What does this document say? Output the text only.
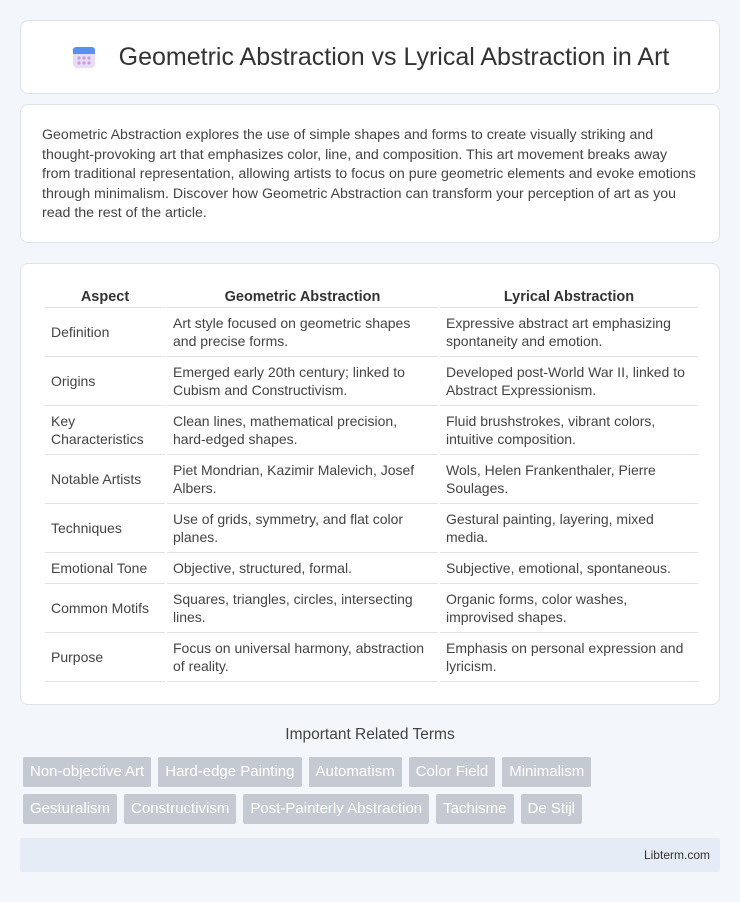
Geometric Abstraction vs Lyrical Abstraction in Art

Geometric Abstraction explores the use of simple shapes and forms to create visually striking and thought-provoking art that emphasizes color, line, and composition. This art movement breaks away from traditional representation, allowing artists to focus on pure geometric elements and evoke emotions through minimalism. Discover how Geometric Abstraction can transform your perception of art as you read the rest of the article.

Aspect	Geometric Abstraction	Lyrical Abstraction
Definition	Art style focused on geometric shapes and precise forms.	Expressive abstract art emphasizing spontaneity and emotion.
Origins	Emerged early 20th century; linked to Cubism and Constructivism.	Developed post-World War II, linked to Abstract Expressionism.
Key Characteristics	Clean lines, mathematical precision, hard-edged shapes.	Fluid brushstrokes, vibrant colors, intuitive composition.
Notable Artists	Piet Mondrian, Kazimir Malevich, Josef Albers.	Wols, Helen Frankenthaler, Pierre Soulages.
Techniques	Use of grids, symmetry, and flat color planes.	Gestural painting, layering, mixed media.
Emotional Tone	Objective, structured, formal.	Subjective, emotional, spontaneous.
Common Motifs	Squares, triangles, circles, intersecting lines.	Organic forms, color washes, improvised shapes.
Purpose	Focus on universal harmony, abstraction of reality.	Emphasis on personal expression and lyricism.
Important Related Terms
Non-objective Art	Hard-edge Painting	Automatism	Color Field	Minimalism
Gesturalism	Constructivism	Post-Painterly Abstraction	Tachisme	De Stijl
Libterm.com
